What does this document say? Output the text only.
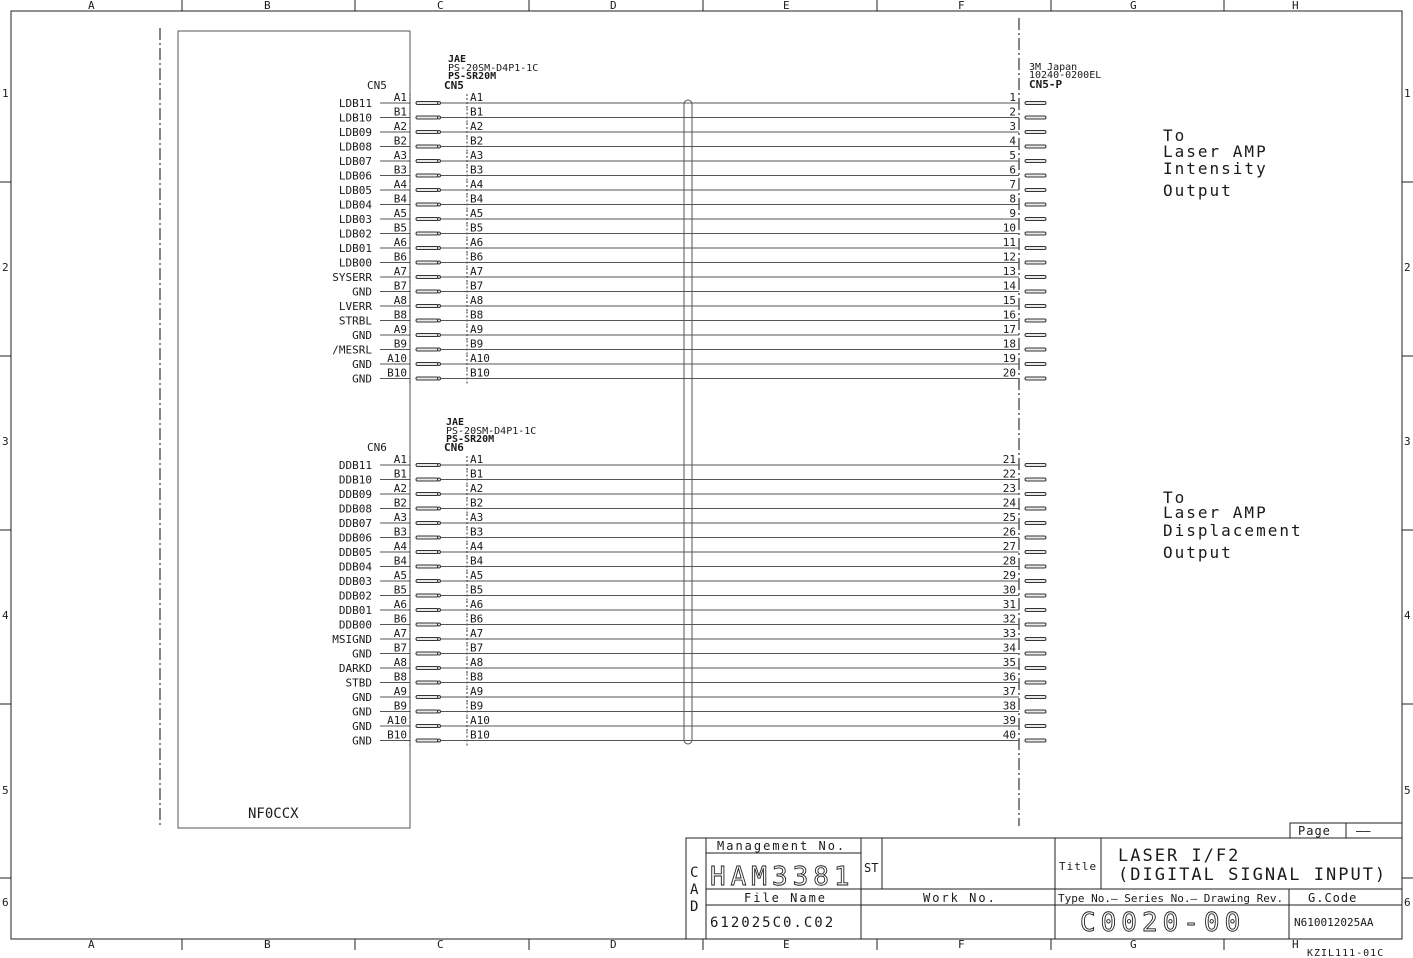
A
A
B
B
C
C
D
D
E
E
F
F
G
G
H
H
1	1
2	2
3	3
4	4
5	5
6	6
NF0CCX
3M Japan
10240-0200EL
CN5-P
JAE
PS-20SM-D4P1-1C
PS-SR20M
CN5
CN5
JAE
PS-20SM-D4P1-1C
PS-SR20M
CN6
CN6
To
Laser AMP
Intensity
Output
To
Laser AMP
Displacement
Output
LDB11 A1	A1	1
LDB10 B1	B1	2
LDB09 A2	A2	3
LDB08 B2	B2	4
LDB07 A3	A3	5
LDB06 B3	B3	6
LDB05 A4	A4	7
LDB04 B4	B4	8
LDB03 A5	A5	9
LDB02 B5	B5	10
LDB01 A6	A6	11
LDB00 B6	B6	12
SYSERR A7	A7	13
GND B7	B7	14
LVERR A8	A8	15
STRBL B8	B8	16
GND A9	A9	17
/MESRL B9	B9	18
GND A10	A10	19
GND B10	B10	20
DDB11 A1	A1	21
DDB10 B1	B1	22
DDB09 A2	A2	23
DDB08 B2	B2	24
DDB07 A3	A3	25
DDB06 B3	B3	26
DDB05 A4	A4	27
DDB04 B4	B4	28
DDB03 A5	A5	29
DDB02 B5	B5	30
DDB01 A6	A6	31
DDB00 B6	B6	32
MSIGND A7	A7	33
GND B7	B7	34
DARKD A8	A8	35
STBD B8	B8	36
GND A9	A9	37
GND B9	B9	38
GND A10	A10	39
GND B10	B10	40
Page ——
C
A
D
Management No.
HAM3381 ST	Title
LASER I/F2
(DIGITAL SIGNAL INPUT)
File Name	Work No.	Type No.— Series No.— Drawing Rev. G.Code
612025C0.C02	C0020-00	N610012025AA
KZIL111-01C
